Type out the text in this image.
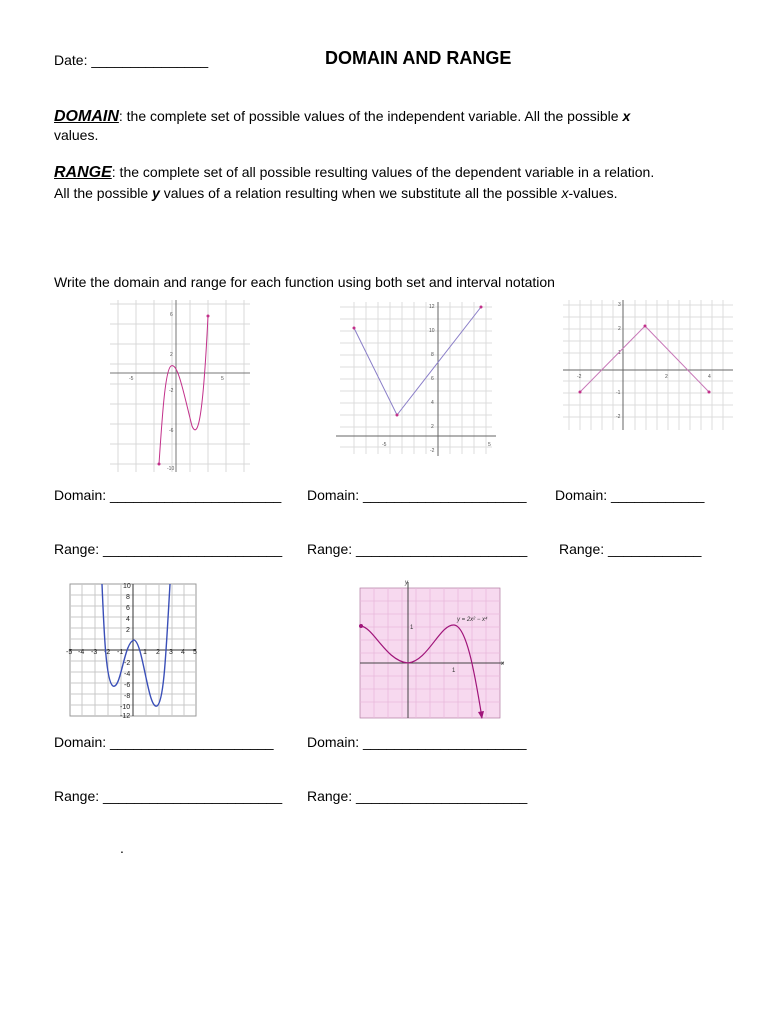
Date: _______________	DOMAIN AND RANGE
DOMAIN: the complete set of possible values of the independent variable. All the possible x
values.
RANGE: the complete set of all possible resulting values of the dependent variable in a relation.
All the possible y values of a relation resulting when we substitute all the possible x-values.
Write the domain and range for each function using both set and interval notation
-5	5
6
2
-2
-6
-10
-5	5
12
10
8
6
4
2
-2
-2	2	4
3
2
1
-1
-2
Domain: ______________________ Domain: _____________________ Domain: ____________
Range: _______________________ Range: ______________________ Range: ____________
-5 -4 -3 -2 -1	1 2 3 4 5
10
8
6
4
2
-2
-4
-6
-8
-10
-12
y
x
1
1
y = 2x² − x⁴
Domain: _____________________ Domain: _____________________
Range: _______________________ Range: ______________________
.
